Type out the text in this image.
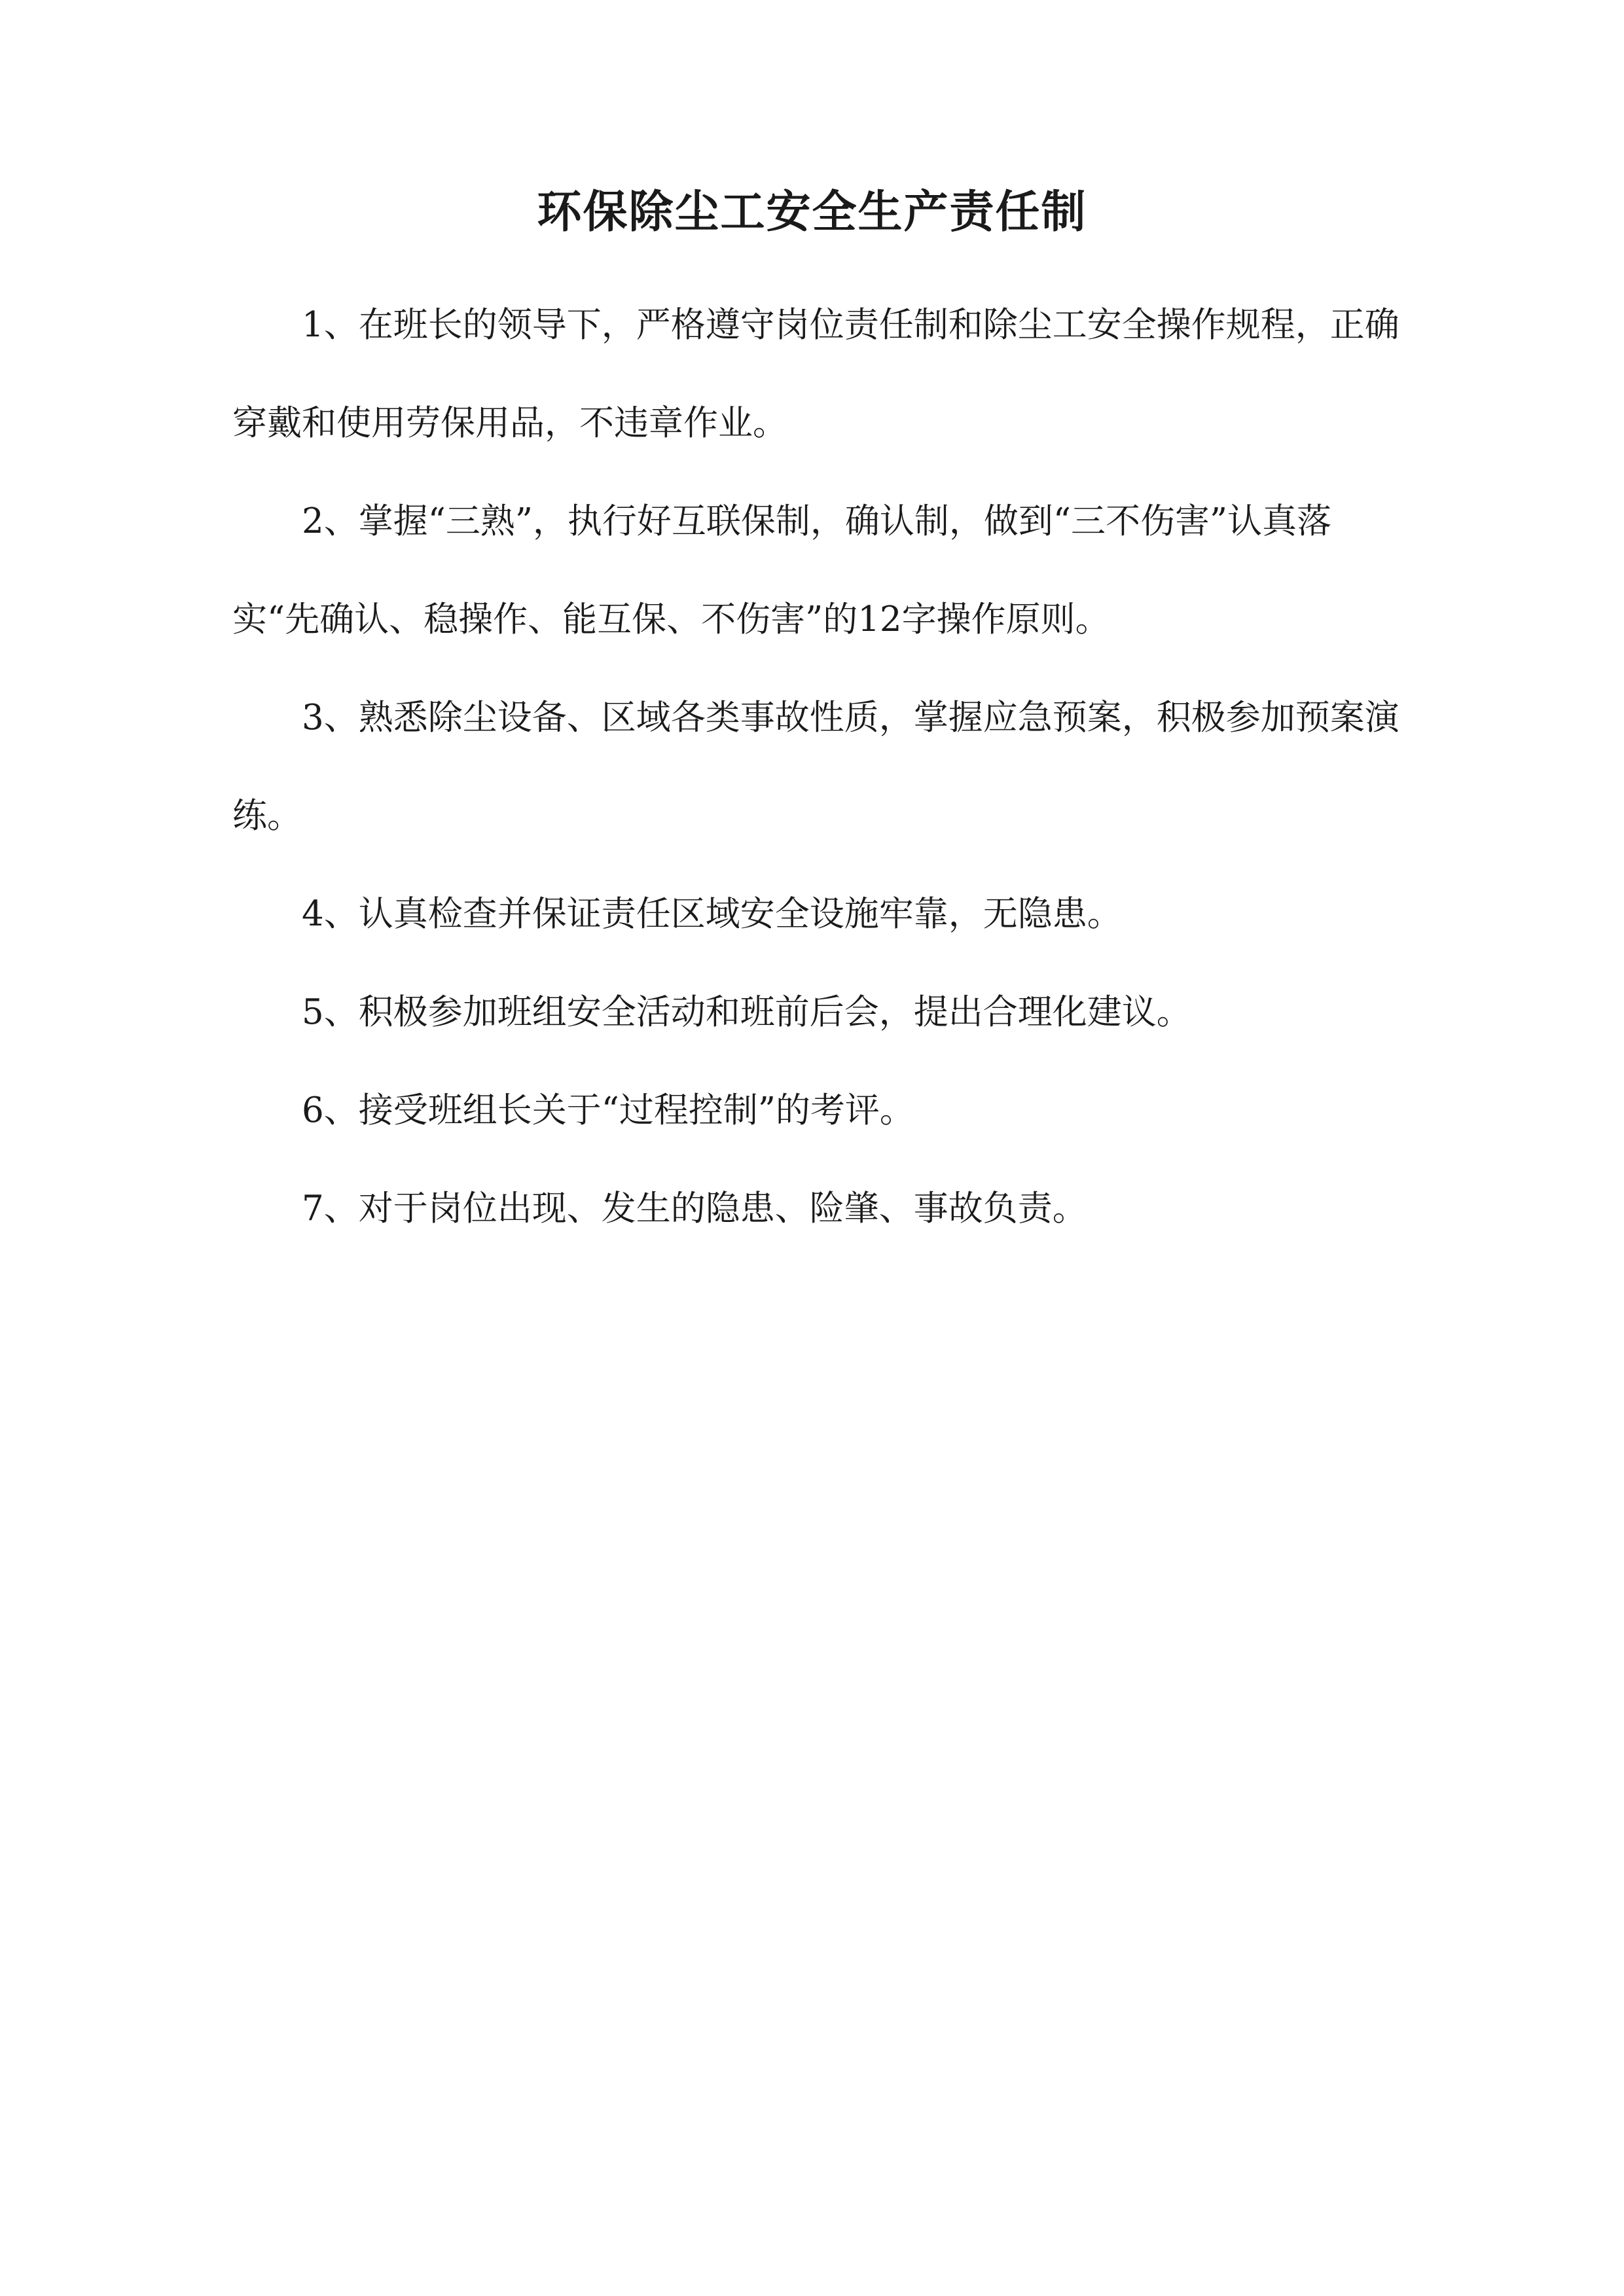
环保除尘工安全生产责任制

1、在班长的领导下，严格遵守岗位责任制和除尘工安全操作规程，正确 穿戴和使用劳保用品，不违章作业。

2、掌握“三熟”，执行好互联保制，确认制，做到“三不伤害”认真落 实“先确认、稳操作、能互保、不伤害”的12字操作原则。

3、熟悉除尘设备、区域各类事故性质，掌握应急预案，积极参加预案演练。

4、认真检查并保证责任区域安全设施牢靠，无隐患。

5、积极参加班组安全活动和班前后会，提出合理化建议。

6、接受班组长关于“过程控制”的考评。

7、对于岗位出现、发生的隐患、险肇、事故负责。
